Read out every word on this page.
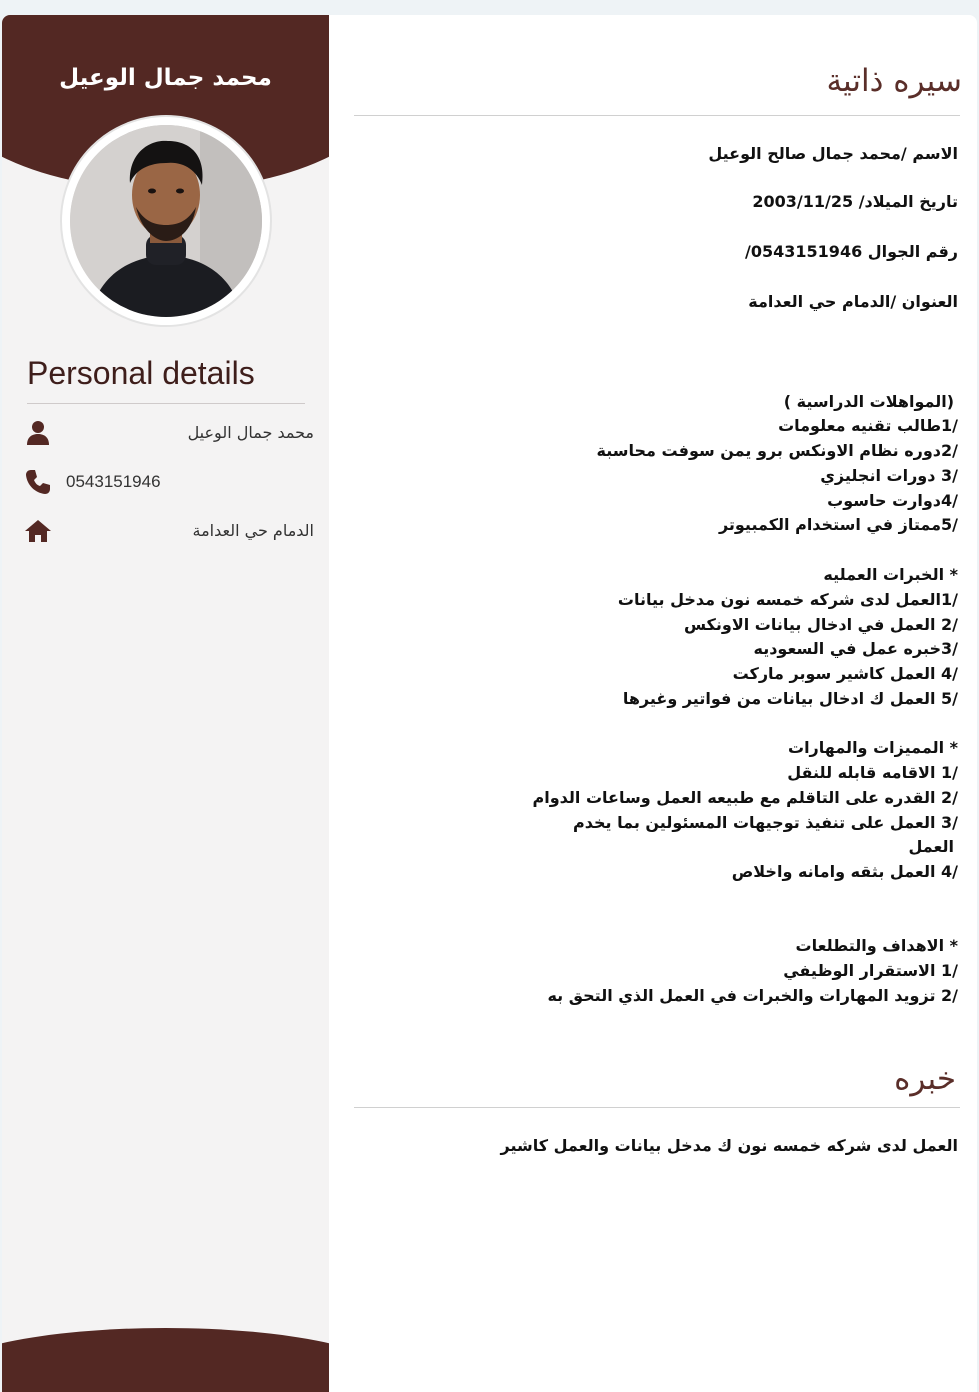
محمد جمال الوعيل
Personal details
محمد جمال الوعيل
0543151946
الدمام حي العدامة
سيره ذاتية
الاسم /محمد جمال صالح الوعيل
تاريخ الميلاد/ 2003/11/25
رقم الجوال 0543151946/
العنوان /الدمام حي العدامة
(المواهلات الدراسية )
/1طالب تقنيه معلومات
/2دوره نظام الاونكس برو يمن سوفت محاسبة
/3 دورات انجليزي
/4دوارت حاسوب
/5ممتاز في استخدام الكمبيوتر
* الخبرات العمليه
/1العمل لدى شركه خمسه نون مدخل بيانات
/2 العمل في ادخال بيانات الاونكس
/3خبره عمل في السعوديه
/4 العمل كاشير سوبر ماركت
/5 العمل ك ادخال بيانات من فواتير وغيرها
* المميزات والمهارات
/1 الاقامه قابله للنقل
/2 القدره على التاقلم مع طبيعه العمل وساعات الدوام
/3 العمل على تنفيذ توجيهات المسئولين بما يخدم
العمل
/4 العمل بثقه وامانه واخلاص
* الاهداف والتطلعات
/1 الاستقرار الوظيفي
/2 تزويد المهارات والخبرات في العمل الذي التحق به
خبره
العمل لدى شركه خمسه نون ك مدخل بيانات والعمل كاشير
